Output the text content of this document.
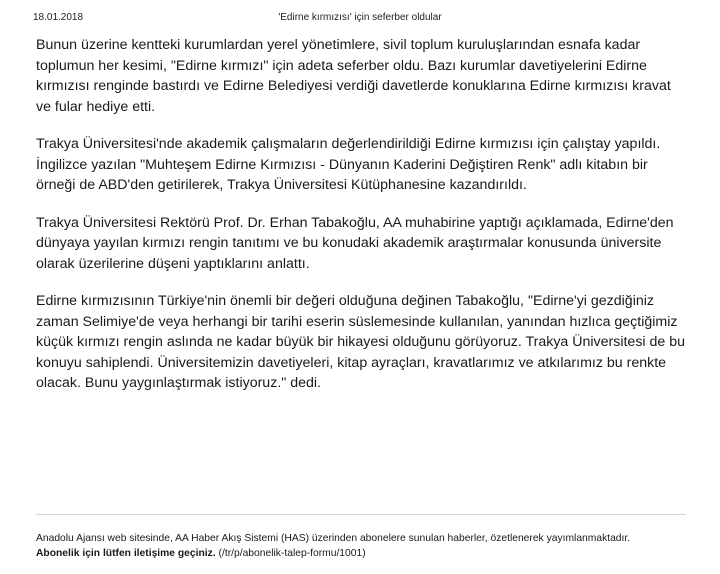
18.01.2018	'Edirne kırmızısı' için seferber oldular

Bunun üzerine kentteki kurumlardan yerel yönetimlere, sivil toplum kuruluşlarından esnafa kadar toplumun her kesimi, "Edirne kırmızı" için adeta seferber oldu. Bazı kurumlar davetiyelerini Edirne kırmızısı renginde bastırdı ve Edirne Belediyesi verdiği davetlerde konuklarına Edirne kırmızısı kravat ve fular hediye etti.

Trakya Üniversitesi'nde akademik çalışmaların değerlendirildiği Edirne kırmızısı için çalıştay yapıldı. İngilizce yazılan "Muhteşem Edirne Kırmızısı - Dünyanın Kaderini Değiştiren Renk" adlı kitabın bir örneği de ABD'den getirilerek, Trakya Üniversitesi Kütüphanesine kazandırıldı.

Trakya Üniversitesi Rektörü Prof. Dr. Erhan Tabakoğlu, AA muhabirine yaptığı açıklamada, Edirne'den dünyaya yayılan kırmızı rengin tanıtımı ve bu konudaki akademik araştırmalar konusunda üniversite olarak üzerilerine düşeni yaptıklarını anlattı.

Edirne kırmızısının Türkiye'nin önemli bir değeri olduğuna değinen Tabakoğlu, "Edirne'yi gezdiğiniz zaman Selimiye'de veya herhangi bir tarihi eserin süslemesinde kullanılan, yanından hızlıca geçtiğimiz küçük kırmızı rengin aslında ne kadar büyük bir hikayesi olduğunu görüyoruz. Trakya Üniversitesi de bu konuyu sahiplendi. Üniversitemizin davetiyeleri, kitap ayraçları, kravatlarımız ve atkılarımız bu renkte olacak. Bunu yaygınlaştırmak istiyoruz." dedi.

Anadolu Ajansı web sitesinde, AA Haber Akış Sistemi (HAS) üzerinden abonelere sunulan haberler, özetlenerek yayımlanmaktadır.
Abonelik için lütfen iletişime geçiniz. (/tr/p/abonelik-talep-formu/1001)
